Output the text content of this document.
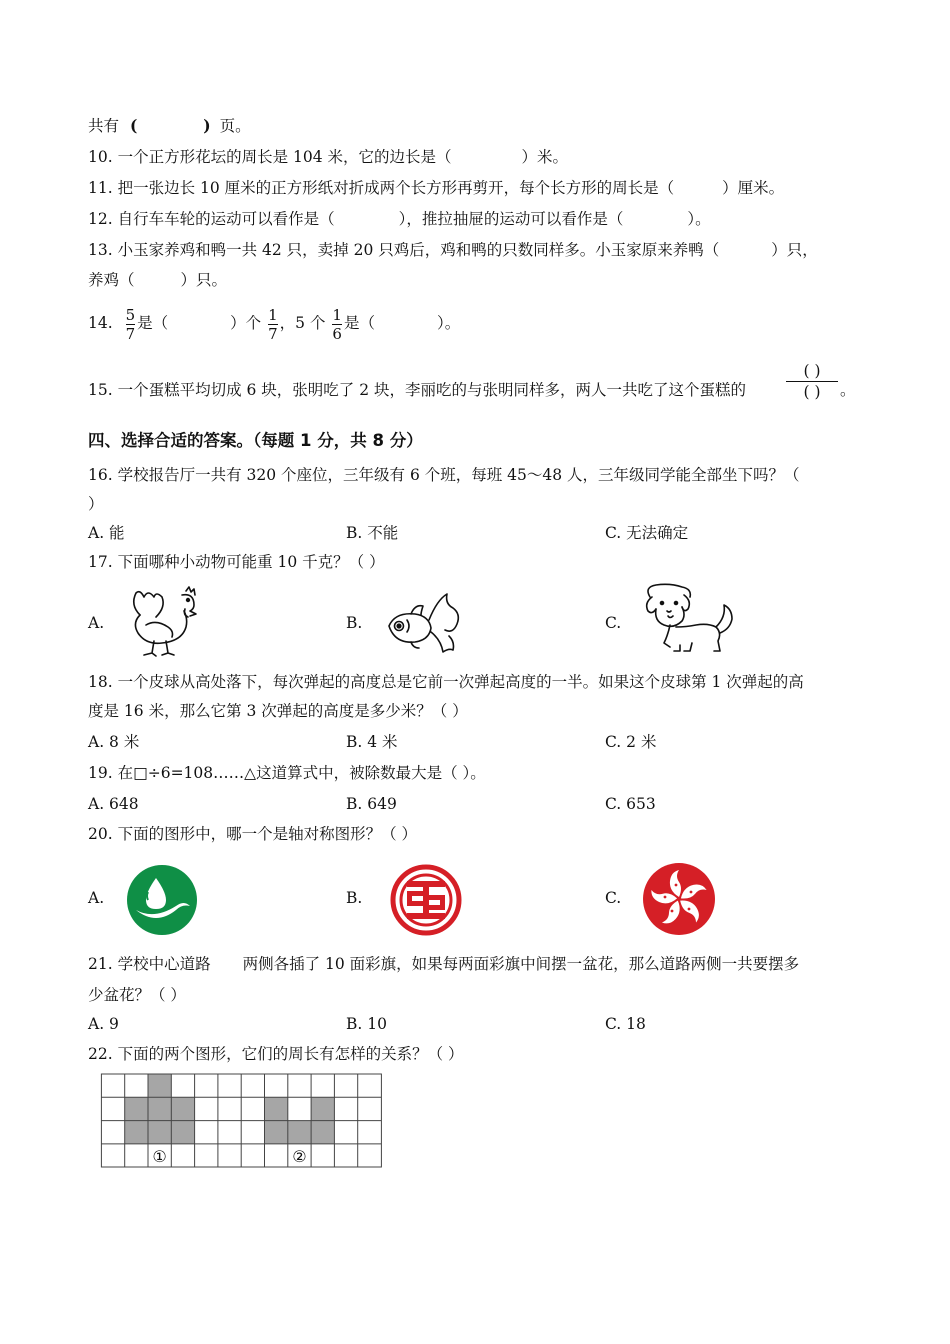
共有 (	) 页。
10. 一个正方形花坛的周长是 104 米，它的边长是（	）米。
11. 把一张边长 10 厘米的正方形纸对折成两个长方形再剪开，每个长方形的周长是（	）厘米。
12. 自行车车轮的运动可以看作是（	），推拉抽屉的运动可以看作是（	）。
13. 小玉家养鸡和鸭一共 42 只，卖掉 20 只鸡后，鸡和鸭的只数同样多。小玉家原来养鸭（	）只，
养鸡（	）只。
14. $\frac{5}{7}$ 是（	）个 $\frac{1}{7}$ ，5 个 $\frac{1}{6}$ 是（	）。
15. 一个蛋糕平均切成 6 块，张明吃了 2 块，李丽吃的与张明同样多，两人一共吃了这个蛋糕的
( )
( )	。
四、选择合适的答案。（每题 1 分，共 8 分）
16. 学校报告厅一共有 320 个座位，三年级有 6 个班，每班 45～48 人，三年级同学能全部坐下吗？（
）
A. 能	B. 不能	C. 无法确定
17. 下面哪种小动物可能重 10 千克？（ ）
A.	B.	C.
18. 一个皮球从高处落下，每次弹起的高度总是它前一次弹起高度的一半。如果这个皮球第 1 次弹起的高
度是 16 米，那么它第 3 次弹起的高度是多少米？（ ）
A. 8 米	B. 4 米	C. 2 米
19. 在□÷6=108……△这道算式中，被除数最大是（ ）。
A. 648	B. 649	C. 653
20. 下面的图形中，哪一个是轴对称图形？（ ）
A.	B.	C.
21. 学校中心道路 两侧各插了 10 面彩旗，如果每两面彩旗中间摆一盆花，那么道路两侧一共要摆多
少盆花？（ ）
A. 9	B. 10	C. 18
22. 下面的两个图形，它们的周长有怎样的关系？（ ）
①	②
